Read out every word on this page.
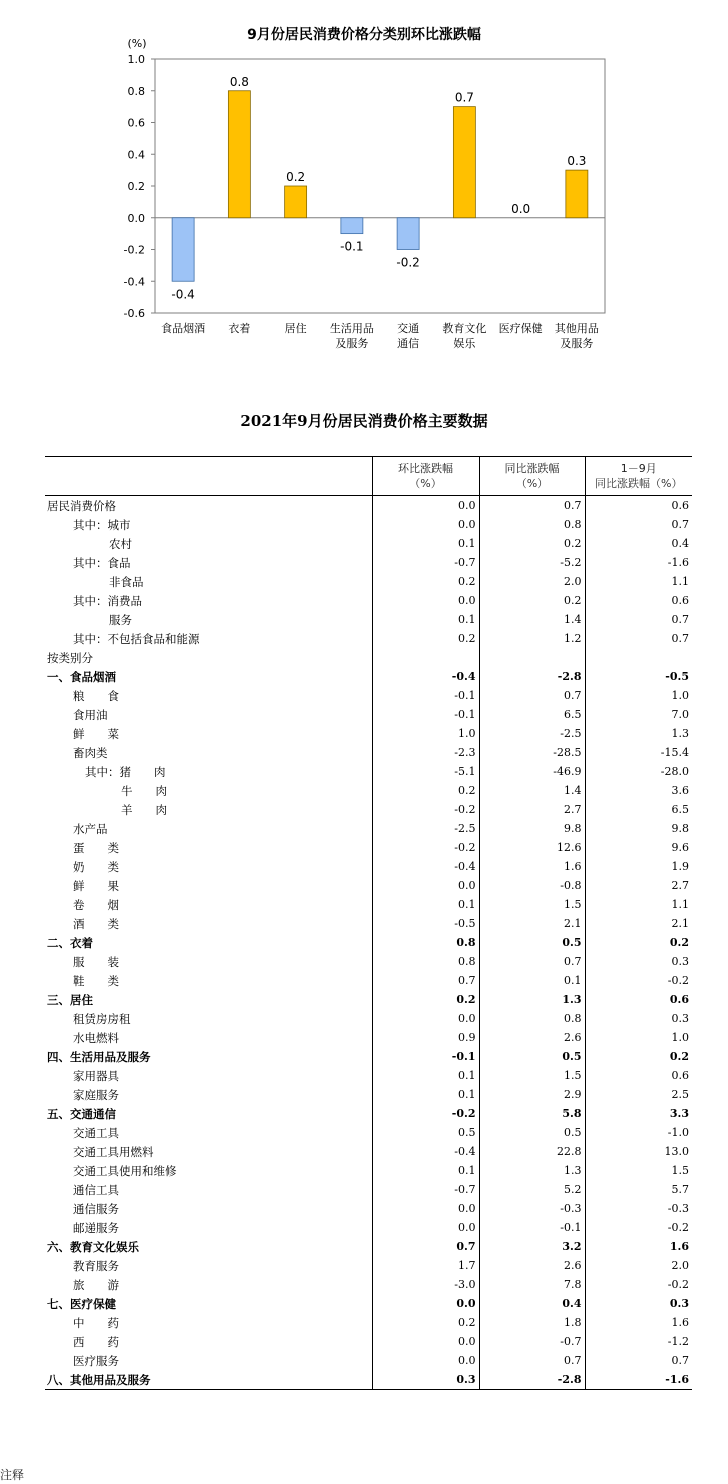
9月份居民消费价格分类别环比涨跌幅
(%)
-0.6
-0.4
-0.2
0.0
0.2
0.4
0.6
0.8
1.0
-0.4
食品烟酒
0.8
衣着
0.2
居住
-0.1
生活用品
及服务
-0.2
交通
通信
0.7
教育文化
娱乐
0.0
医疗保健
0.3
其他用品
及服务
2021年9月份居民消费价格主要数据
	环比涨跌幅
（%）	同比涨跌幅
（%）	1－9月
同比涨跌幅（%）
居民消费价格	0.0	0.7	0.6
其中：城市	0.0	0.8	0.7
农村	0.1	0.2	0.4
其中：食品	-0.7	-5.2	-1.6
非食品	0.2	2.0	1.1
其中：消费品	0.0	0.2	0.6
服务	0.1	1.4	0.7
其中：不包括食品和能源	0.2	1.2	0.7
按类别分			
一、食品烟酒	-0.4	-2.8	-0.5
粮　　食	-0.1	0.7	1.0
食用油	-0.1	6.5	7.0
鲜　　菜	1.0	-2.5	1.3
畜肉类	-2.3	-28.5	-15.4
其中：猪　　肉	-5.1	-46.9	-28.0
牛　　肉	0.2	1.4	3.6
羊　　肉	-0.2	2.7	6.5
水产品	-2.5	9.8	9.8
蛋　　类	-0.2	12.6	9.6
奶　　类	-0.4	1.6	1.9
鲜　　果	0.0	-0.8	2.7
卷　　烟	0.1	1.5	1.1
酒　　类	-0.5	2.1	2.1
二、衣着	0.8	0.5	0.2
服　　装	0.8	0.7	0.3
鞋　　类	0.7	0.1	-0.2
三、居住	0.2	1.3	0.6
租赁房房租	0.0	0.8	0.3
水电燃料	0.9	2.6	1.0
四、生活用品及服务	-0.1	0.5	0.2
家用器具	0.1	1.5	0.6
家庭服务	0.1	2.9	2.5
五、交通通信	-0.2	5.8	3.3
交通工具	0.5	0.5	-1.0
交通工具用燃料	-0.4	22.8	13.0
交通工具使用和维修	0.1	1.3	1.5
通信工具	-0.7	5.2	5.7
通信服务	0.0	-0.3	-0.3
邮递服务	0.0	-0.1	-0.2
六、教育文化娱乐	0.7	3.2	1.6
教育服务	1.7	2.6	2.0
旅　　游	-3.0	7.8	-0.2
七、医疗保健	0.0	0.4	0.3
中　　药	0.2	1.8	1.6
西　　药	0.0	-0.7	-1.2
医疗服务	0.0	0.7	0.7
八、其他用品及服务	0.3	-2.8	-1.6
注释
